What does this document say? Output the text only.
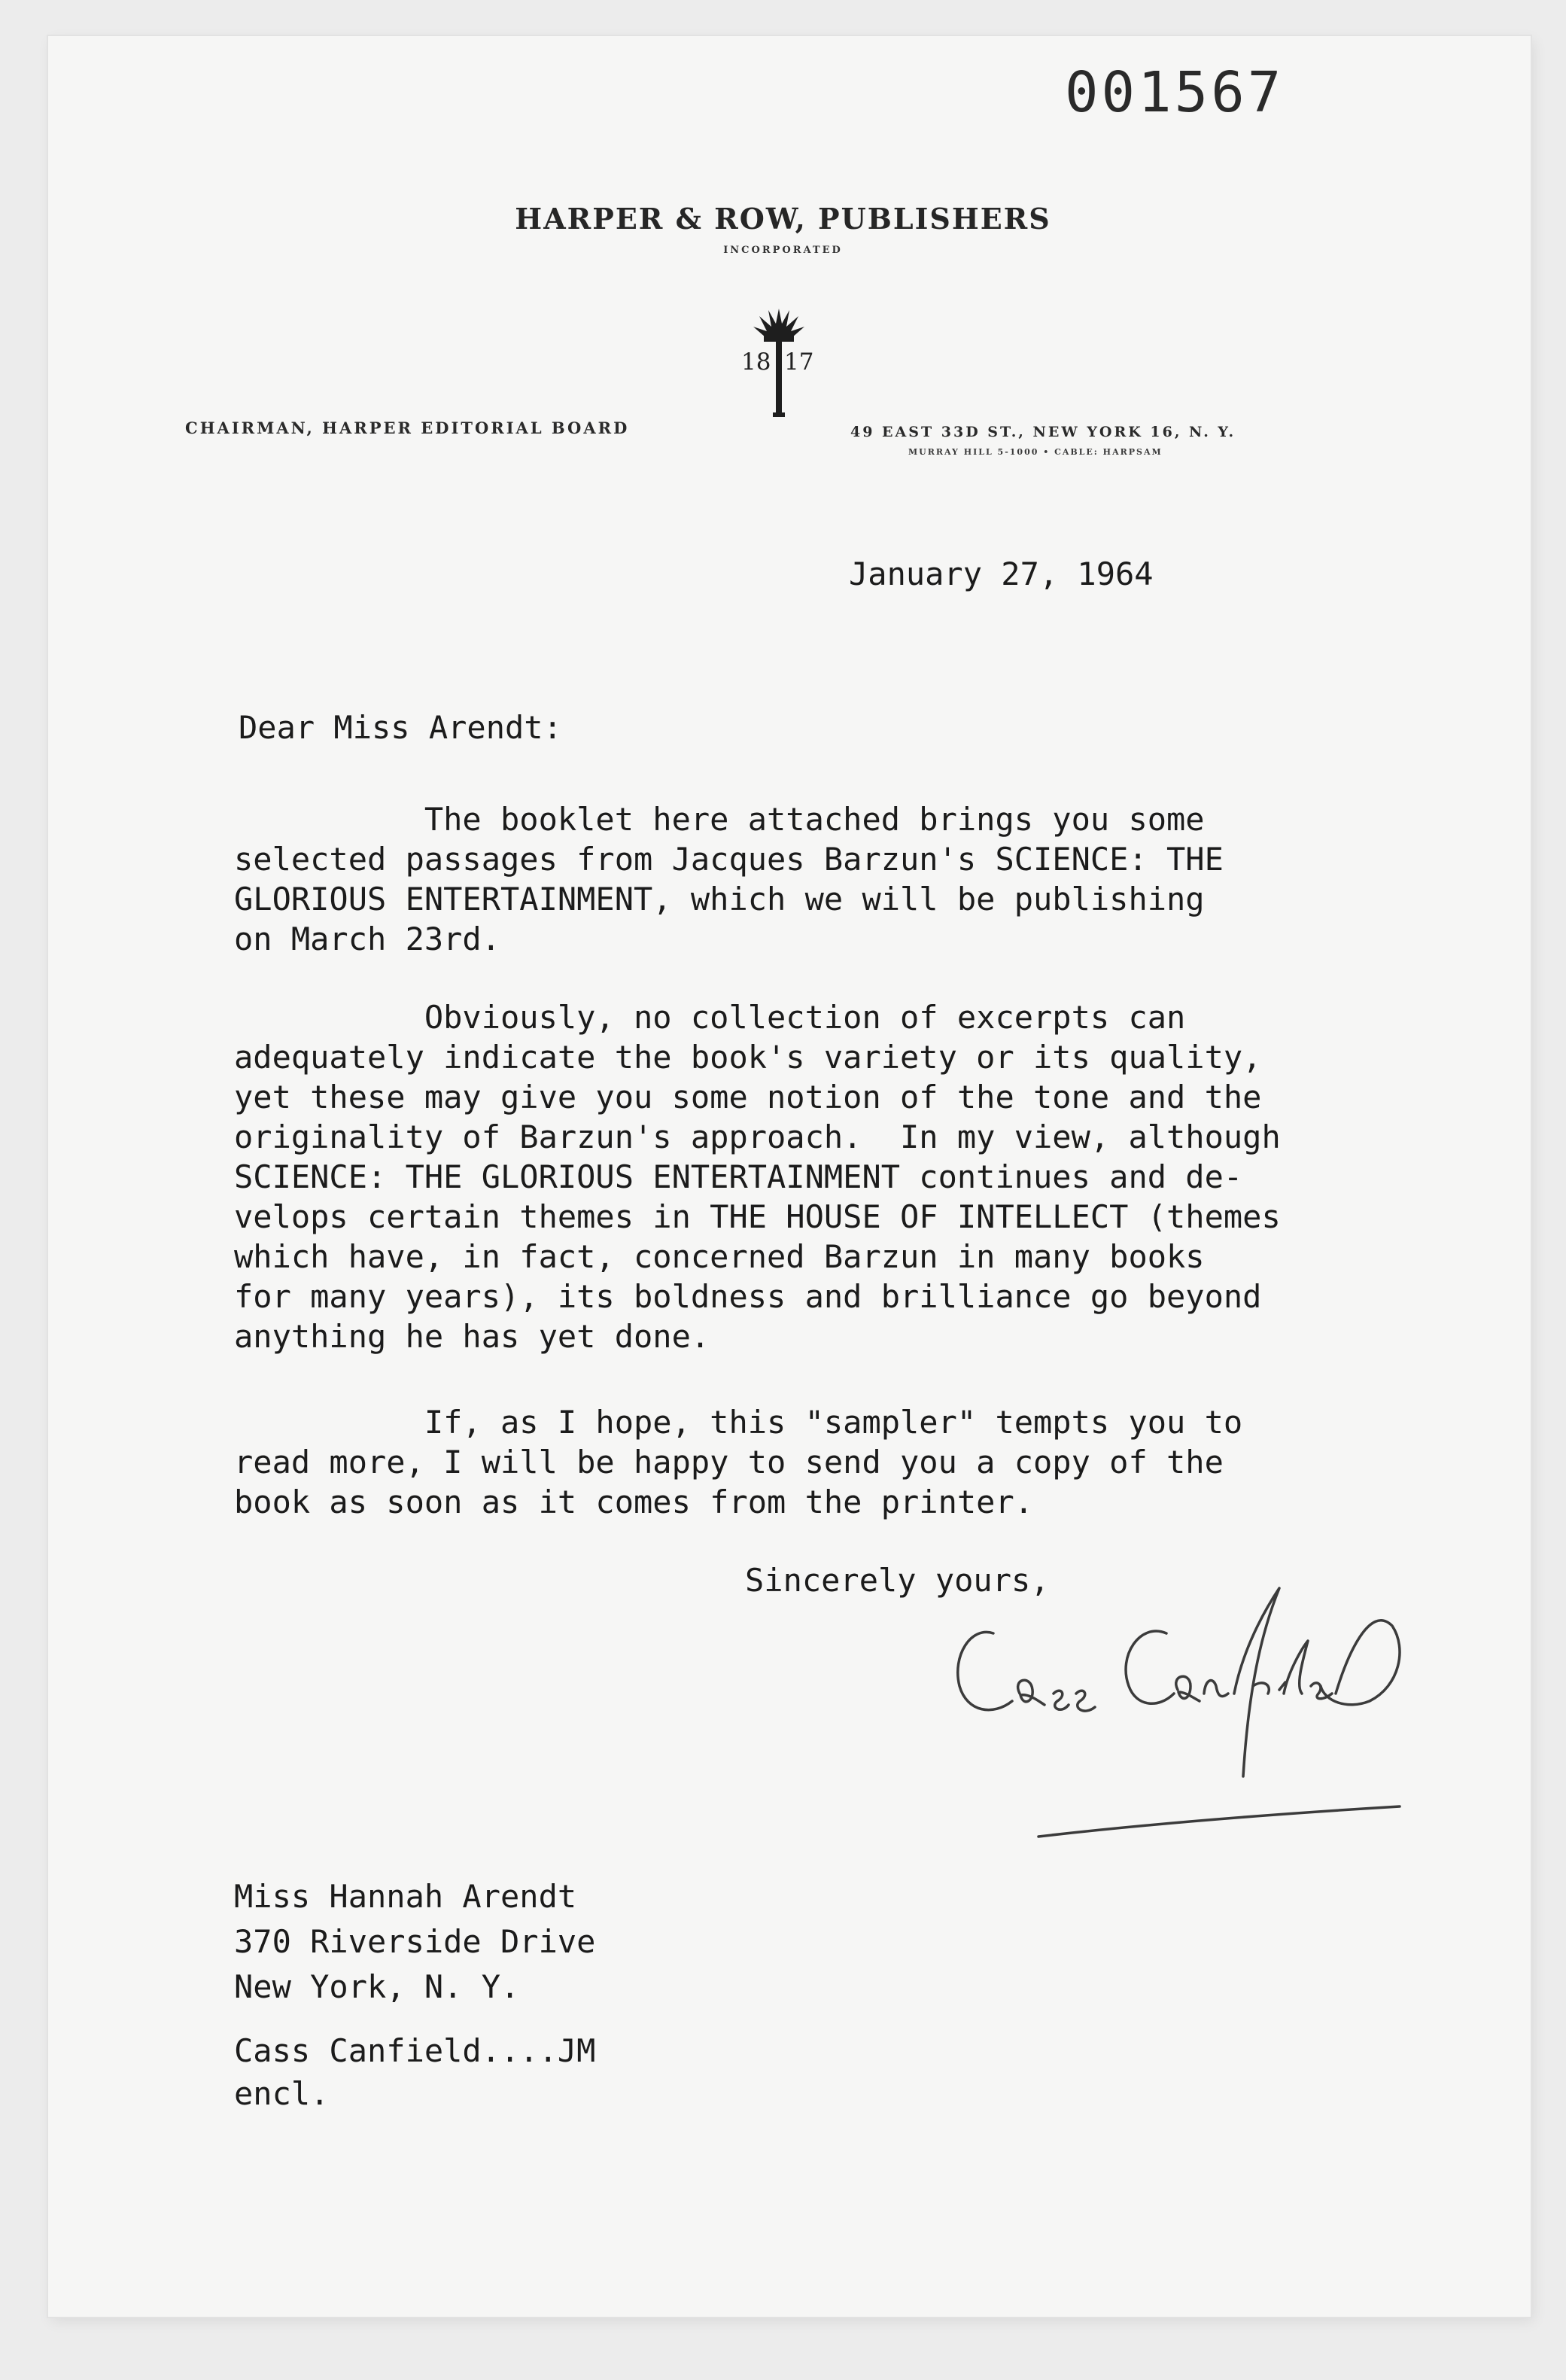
001567
HARPER & ROW, PUBLISHERS
INCORPORATED
18 17
CHAIRMAN, HARPER EDITORIAL BOARD	49 EAST 33D ST., NEW YORK 16, N. Y.
MURRAY HILL 5-1000 • CABLE: HARPSAM
January 27, 1964
Dear Miss Arendt:
The booklet here attached brings you some
selected passages from Jacques Barzun's SCIENCE: THE
GLORIOUS ENTERTAINMENT, which we will be publishing
on March 23rd.
Obviously, no collection of excerpts can
adequately indicate the book's variety or its quality,
yet these may give you some notion of the tone and the
originality of Barzun's approach.  In my view, although
SCIENCE: THE GLORIOUS ENTERTAINMENT continues and de-
velops certain themes in THE HOUSE OF INTELLECT (themes
which have, in fact, concerned Barzun in many books
for many years), its boldness and brilliance go beyond
anything he has yet done.
If, as I hope, this "sampler" tempts you to
read more, I will be happy to send you a copy of the
book as soon as it comes from the printer.
Sincerely yours,
Miss Hannah Arendt
370 Riverside Drive
New York, N. Y.
Cass Canfield....JM
encl.
